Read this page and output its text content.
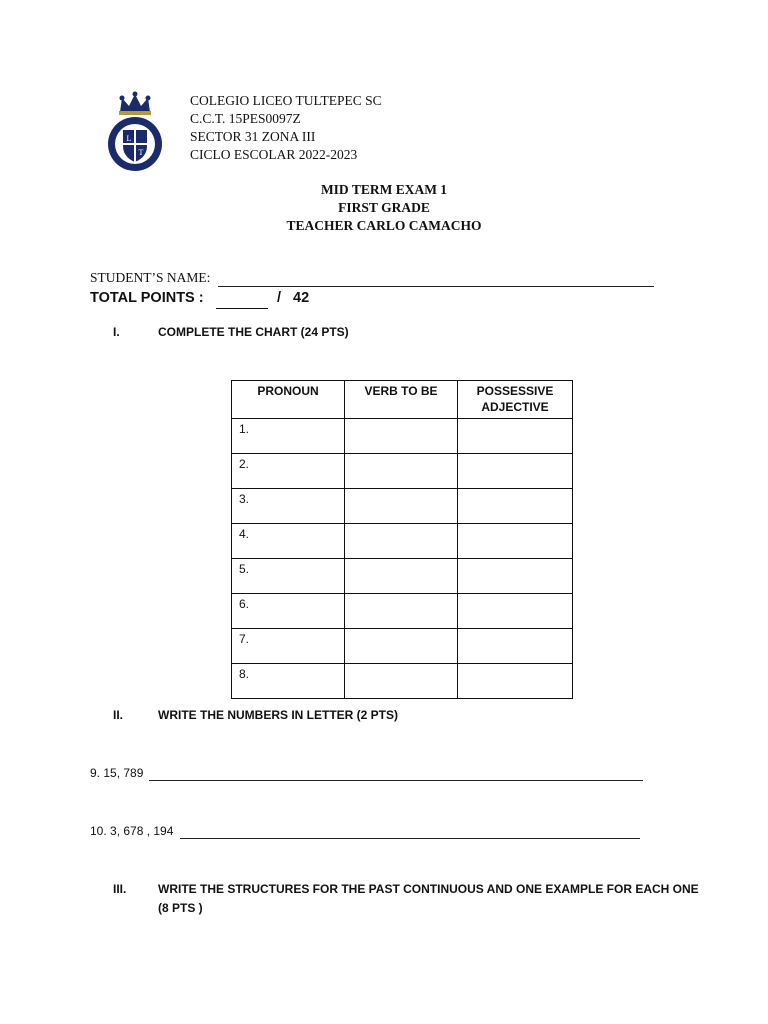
L
T
COLEGIO LICEO TULTEPEC SC
C.C.T. 15PES0097Z
SECTOR 31 ZONA III
CICLO ESCOLAR 2022-2023
MID TERM EXAM 1
FIRST GRADE
TEACHER CARLO CAMACHO
STUDENT’S NAME:
TOTAL POINTS :	/ 42
I.	COMPLETE THE CHART (24 PTS)
PRONOUN	VERB TO BE	POSSESSIVE ADJECTIVE
1.		
2.		
3.		
4.		
5.		
6.		
7.		
8.		
II.	WRITE THE NUMBERS IN LETTER (2 PTS)
9. 15, 789
10. 3, 678 , 194
III.	WRITE THE STRUCTURES FOR THE PAST CONTINUOUS AND ONE EXAMPLE FOR EACH ONE
(8 PTS )
